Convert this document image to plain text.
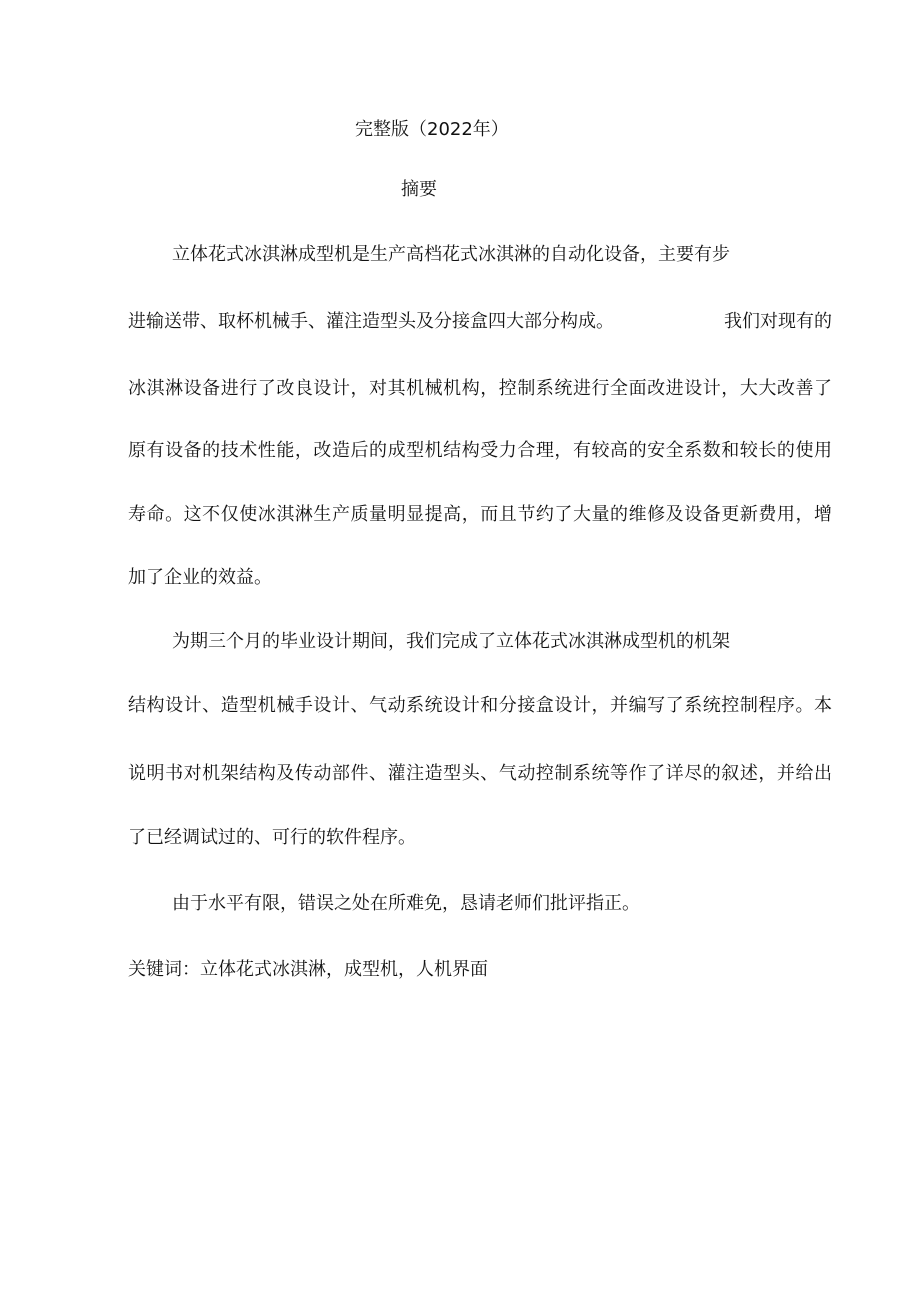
完整版（2022年）
摘要
立体花式冰淇淋成型机是生产高档花式冰淇淋的自动化设备，主要有步
进输送带、取杯机械手、灌注造型头及分接盒四大部分构成。	我们对现有的
冰淇淋设备进行了改良设计，对其机械机构，控制系统进行全面改进设计，大大改善了
原有设备的技术性能，改造后的成型机结构受力合理，有较高的安全系数和较长的使用
寿命。这不仅使冰淇淋生产质量明显提高，而且节约了大量的维修及设备更新费用，增
加了企业的效益。
为期三个月的毕业设计期间，我们完成了立体花式冰淇淋成型机的机架
结构设计、造型机械手设计、气动系统设计和分接盒设计，并编写了系统控制程序。本
说明书对机架结构及传动部件、灌注造型头、气动控制系统等作了详尽的叙述，并给出
了已经调试过的、可行的软件程序。
由于水平有限，错误之处在所难免，恳请老师们批评指正。
关键词：立体花式冰淇淋，成型机，人机界面
